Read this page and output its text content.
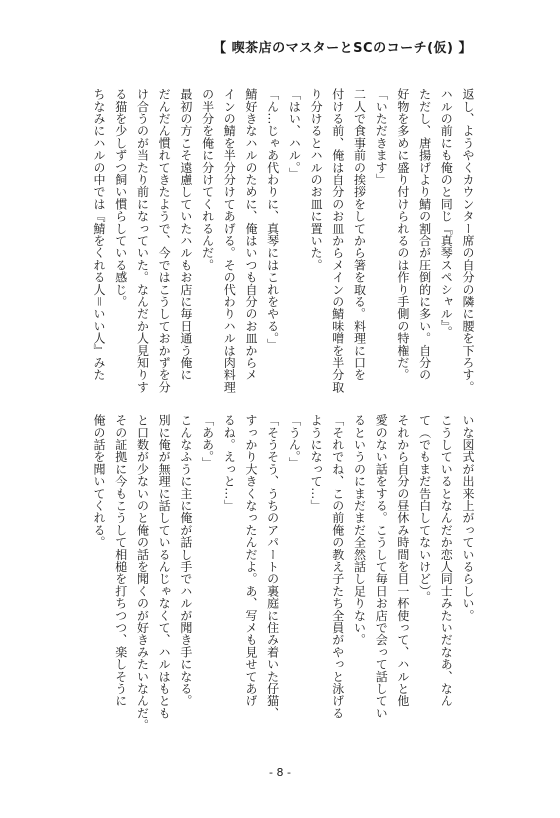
【 喫茶店のマスターとSCのコーチ(仮) 】

返し、ようやくカウンター席の自分の隣に腰を下ろす。

ハルの前にも俺のと同じ『真琴スペシャル』。

ただし、唐揚げより鯖の割合が圧倒的に多い。自分の

好物を多めに盛り付けられるのは作り手側の特権だ。

「いただきます」

二人で食事前の挨拶をしてから箸を取る。料理に口を

付ける前、俺は自分のお皿からメインの鯖味噌を半分取

り分けるとハルのお皿に置いた。

「はい、ハル。」

「ん…じゃあ代わりに、真琴にはこれをやる。」

鯖好きなハルのために、俺はいつも自分のお皿からメ

インの鯖を半分分けてあげる。その代わりハルは肉料理

の半分を俺に分けてくれるんだ。

最初の方こそ遠慮していたハルもお店に毎日通う俺に

だんだん慣れてきたようで、今ではこうしておかずを分

け合うのが当たり前になっていた。なんだか人見知りす

る猫を少しずつ飼い慣らしている感じ。

ちなみにハルの中では『鯖をくれる人＝いい人』みた

いな図式が出来上がっているらしい。

こうしているとなんだか恋人同士みたいだなあ、なん

て（でもまだ告白してないけど）。

それから自分の昼休み時間を目一杯使って、ハルと他

愛のない話をする。こうして毎日お店で会って話してい

るというのにまだまだ全然話し足りない。

「それでね、この前俺の教え子たち全員がやっと泳げる

ようになって…」

「うん。」

「そうそう、うちのアパートの裏庭に住み着いた仔猫、

すっかり大きくなったんだよ。あ、写メも見せてあげ

るね。えっと…」

「ああ。」

こんなふうに主に俺が話し手でハルが聞き手になる。

別に俺が無理に話しているんじゃなくて、ハルはもとも

と口数が少ないのと俺の話を聞くのが好きみたいなんだ。

その証拠に今もこうして相槌を打ちつつ、楽しそうに

俺の話を聞いてくれる。

- 8 -
